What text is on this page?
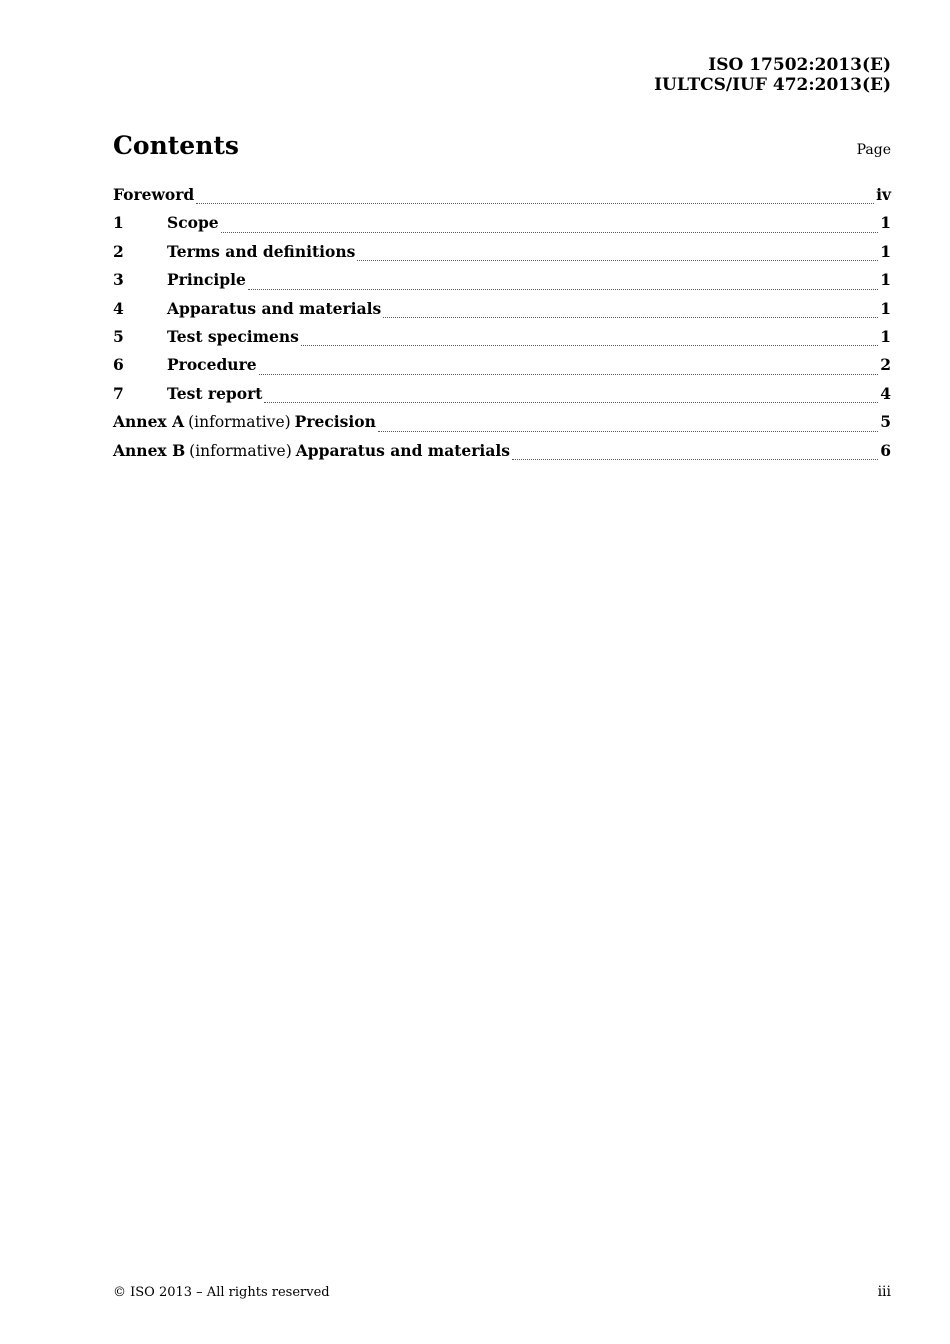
ISO 17502:2013(E)
IULTCS/IUF 472:2013(E)
Contents	Page
Foreword	iv
1	Scope	1
2	Terms and definitions	1
3	Principle	1
4	Apparatus and materials	1
5	Test specimens	1
6	Procedure	2
7	Test report	4
Annex A (informative) Precision	5
Annex B (informative) Apparatus and materials	6
© ISO 2013 – All rights reserved	iii
